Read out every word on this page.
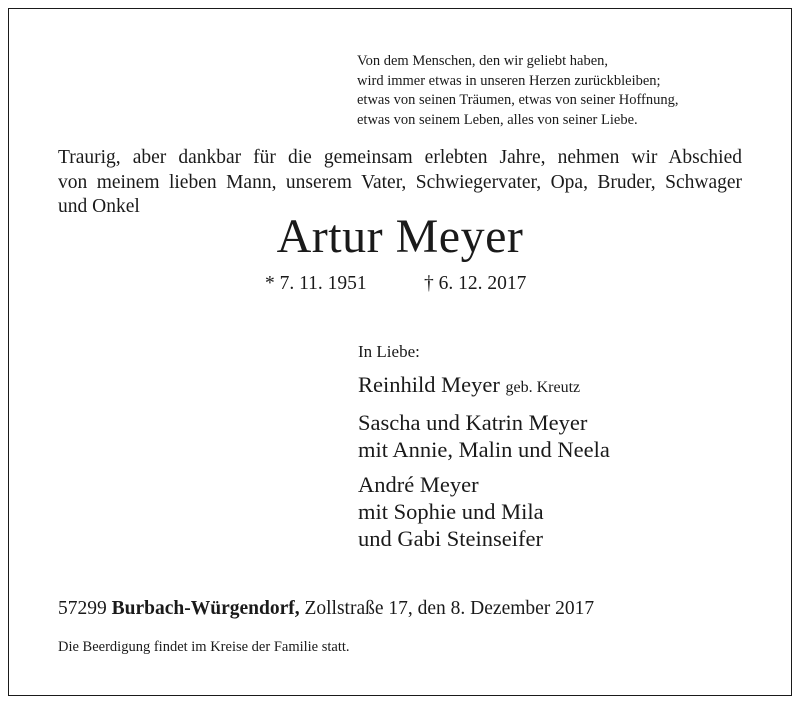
Von dem Menschen, den wir geliebt haben,
wird immer etwas in unseren Herzen zurückbleiben;
etwas von seinen Träumen, etwas von seiner Hoffnung,
etwas von seinem Leben, alles von seiner Liebe.
Traurig, aber dankbar für die gemeinsam erlebten Jahre, nehmen wir Abschied
von meinem lieben Mann, unserem Vater, Schwiegervater, Opa, Bruder, Schwager
und Onkel
Artur Meyer
* 7. 11. 1951	† 6. 12. 2017
In Liebe:
Reinhild Meyer geb. Kreutz
Sascha und Katrin Meyer
mit Annie, Malin und Neela
André Meyer
mit Sophie und Mila
und Gabi Steinseifer
57299 Burbach-Würgendorf, Zollstraße 17, den 8. Dezember 2017
Die Beerdigung findet im Kreise der Familie statt.
